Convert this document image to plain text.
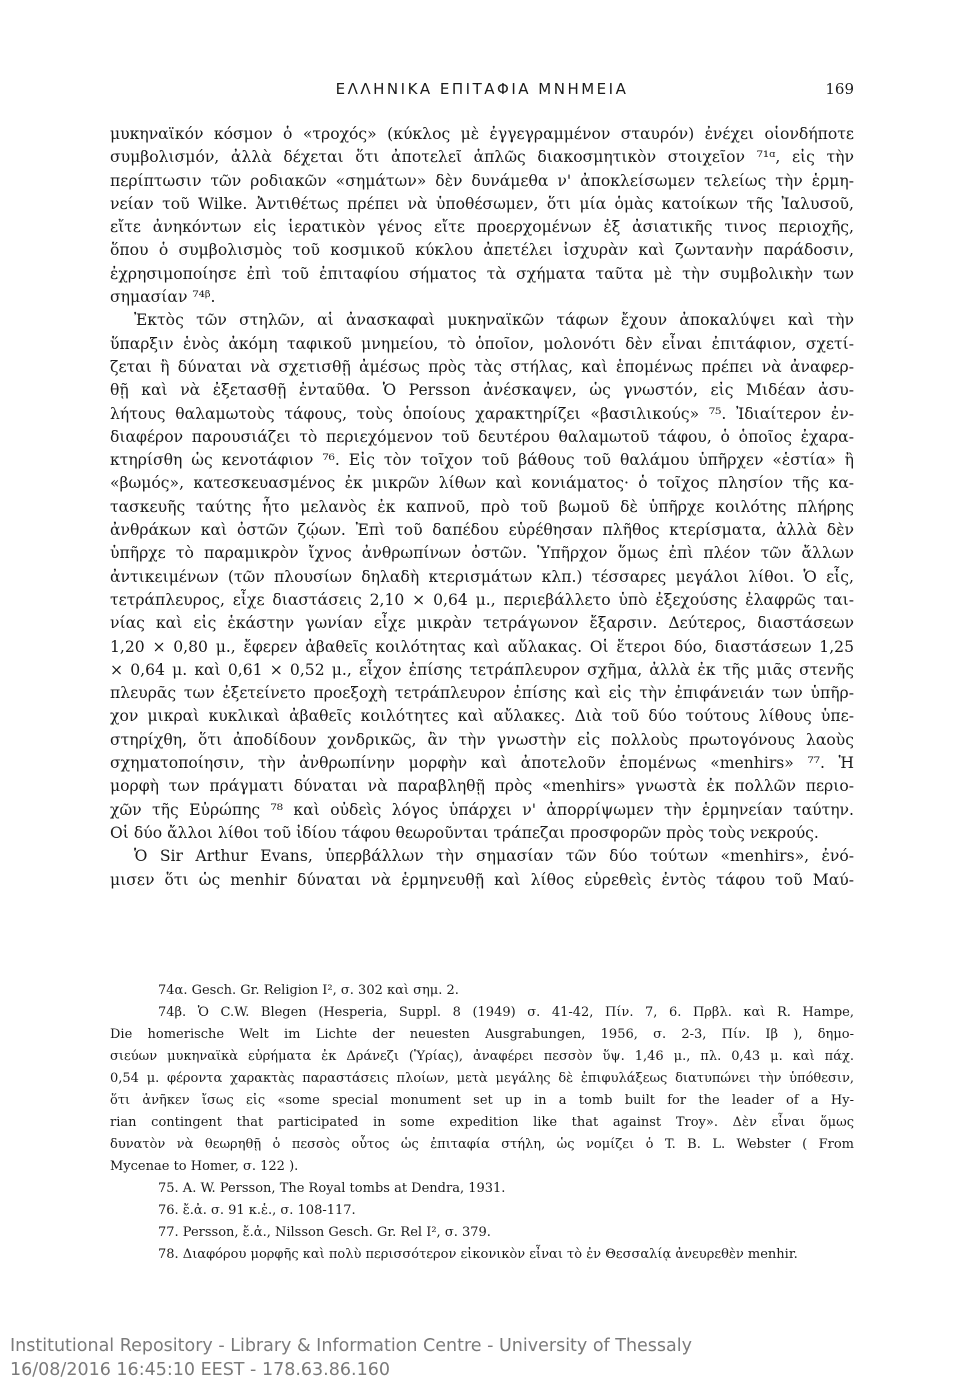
ΕΛΛΗΝΙΚΑ ΕΠΙΤΑΦΙΑ ΜΝΗΜΕΙΑ	169
μυκηναϊκόν κόσμον ὁ «τροχός» (κύκλος μὲ ἐγγεγραμμένον σταυρόν) ἐνέχει οἱονδήποτε
συμβολισμόν, ἀλλὰ δέχεται ὅτι ἀποτελεῖ ἁπλῶς διακοσμητικὸν στοιχεῖον ⁷¹ᵅ, εἰς τὴν
περίπτωσιν τῶν ροδιακῶν «σημάτων» δὲν δυνάμεθα ν' ἀποκλείσωμεν τελείως τὴν ἑρμη-
νείαν τοῦ Wilke. Ἀντιθέτως πρέπει νὰ ὑποθέσωμεν, ὅτι μία ὁμὰς κατοίκων τῆς Ἰαλυσοῦ,
εἴτε ἀνηκόντων εἰς ἱερατικὸν γένος εἴτε προερχομένων ἐξ ἀσιατικῆς τινος περιοχῆς,
ὅπου ὁ συμβολισμὸς τοῦ κοσμικοῦ κύκλου ἀπετέλει ἰσχυρὰν καὶ ζωντανὴν παράδοσιν,
ἐχρησιμοποίησε ἐπὶ τοῦ ἐπιταφίου σήματος τὰ σχήματα ταῦτα μὲ τὴν συμβολικὴν των
σημασίαν ⁷⁴ᵝ.
Ἐκτὸς τῶν στηλῶν, αἱ ἀνασκαφαὶ μυκηναϊκῶν τάφων ἔχουν ἀποκαλύψει καὶ τὴν
ὕπαρξιν ἑνὸς ἀκόμη ταφικοῦ μνημείου, τὸ ὁποῖον, μολονότι δὲν εἶναι ἐπιτάφιον, σχετί-
ζεται ἢ δύναται νὰ σχετισθῇ ἀμέσως πρὸς τὰς στήλας, καὶ ἑπομένως πρέπει νὰ ἀναφερ-
θῇ καὶ νὰ ἐξετασθῇ ἐνταῦθα. Ὁ Persson ἀνέσκαψεν, ὡς γνωστόν, εἰς Μιδέαν ἀσυ-
λήτους θαλαμωτοὺς τάφους, τοὺς ὁποίους χαρακτηρίζει «βασιλικούς» ⁷⁵. Ἰδιαίτερον ἐν-
διαφέρον παρουσιάζει τὸ περιεχόμενον τοῦ δευτέρου θαλαμωτοῦ τάφου, ὁ ὁποῖος ἐχαρα-
κτηρίσθη ὡς κενοτάφιον ⁷⁶. Εἰς τὸν τοῖχον τοῦ βάθους τοῦ θαλάμου ὑπῆρχεν «ἑστία» ἢ
«βωμός», κατεσκευασμένος ἐκ μικρῶν λίθων καὶ κονιάματος· ὁ τοῖχος πλησίον τῆς κα-
τασκευῆς ταύτης ἦτο μελανὸς ἐκ καπνοῦ, πρὸ τοῦ βωμοῦ δὲ ὑπῆρχε κοιλότης πλήρης
ἀνθράκων καὶ ὀστῶν ζῴων. Ἐπὶ τοῦ δαπέδου εὑρέθησαν πλῆθος κτερίσματα, ἀλλὰ δὲν
ὑπῆρχε τὸ παραμικρὸν ἴχνος ἀνθρωπίνων ὀστῶν. Ὑπῆρχον ὅμως ἐπὶ πλέον τῶν ἄλλων
ἀντικειμένων (τῶν πλουσίων δηλαδὴ κτερισμάτων κλπ.) τέσσαρες μεγάλοι λίθοι. Ὁ εἷς,
τετράπλευρος, εἶχε διαστάσεις 2,10 × 0,64 μ., περιεβάλλετο ὑπὸ ἐξεχούσης ἐλαφρῶς ται-
νίας καὶ εἰς ἑκάστην γωνίαν εἶχε μικρὰν τετράγωνον ἔξαρσιν. Δεύτερος, διαστάσεων
1,20 × 0,80 μ., ἔφερεν ἀβαθεῖς κοιλότητας καὶ αὔλακας. Οἱ ἕτεροι δύο, διαστάσεων 1,25
× 0,64 μ. καὶ 0,61 × 0,52 μ., εἶχον ἐπίσης τετράπλευρον σχῆμα, ἀλλὰ ἐκ τῆς μιᾶς στενῆς
πλευρᾶς των ἐξετείνετο προεξοχὴ τετράπλευρον ἐπίσης καὶ εἰς τὴν ἐπιφάνειάν των ὑπῆρ-
χον μικραὶ κυκλικαὶ ἀβαθεῖς κοιλότητες καὶ αὔλακες. Διὰ τοῦ δύο τούτους λίθους ὑπε-
στηρίχθη, ὅτι ἀποδίδουν χονδρικῶς, ἂν τὴν γνωστὴν εἰς πολλοὺς πρωτογόνους λαοὺς
σχηματοποίησιν, τὴν ἀνθρωπίνην μορφὴν καὶ ἀποτελοῦν ἑπομένως «menhirs» ⁷⁷. Ἡ
μορφὴ των πράγματι δύναται νὰ παραβληθῇ πρὸς «menhirs» γνωστὰ ἐκ πολλῶν περιο-
χῶν τῆς Εὐρώπης ⁷⁸ καὶ οὐδεὶς λόγος ὑπάρχει ν' ἀπορρίψωμεν τὴν ἑρμηνείαν ταύτην.
Οἱ δύο ἄλλοι λίθοι τοῦ ἰδίου τάφου θεωροῦνται τράπεζαι προσφορῶν πρὸς τοὺς νεκρούς.
Ὁ Sir Arthur Evans, ὑπερβάλλων τὴν σημασίαν τῶν δύο τούτων «menhirs», ἐνό-
μισεν ὅτι ὡς menhir δύναται νὰ ἑρμηνευθῇ καὶ λίθος εὑρεθεὶς ἐντὸς τάφου τοῦ Μαύ-
74α. Gesch. Gr. Religion I², σ. 302 καὶ σημ. 2.
74β. Ὁ C.W. Blegen (Hesperia, Suppl. 8 (1949) σ. 41-42, Πίν. 7, 6. Πρβλ. καὶ R. Hampe,
Die homerische Welt im Lichte der neuesten Ausgrabungen, 1956, σ. 2-3, Πίν. Ιβ ), δημο-
σιεύων μυκηναϊκὰ εὑρήματα ἐκ Δράνεζι (Ὑρίας), ἀναφέρει πεσσὸν ὕψ. 1,46 μ., πλ. 0,43 μ. καὶ πάχ.
0,54 μ. φέροντα χαρακτὰς παραστάσεις πλοίων, μετὰ μεγάλης δὲ ἐπιφυλάξεως διατυπώνει τὴν ὑπόθεσιν,
ὅτι ἀνῆκεν ἴσως εἰς «some special monument set up in a tomb built for the leader of a Hy-
rian contingent that participated in some expedition like that against Troy». Δὲν εἶναι ὅμως
δυνατὸν νὰ θεωρηθῇ ὁ πεσσὸς οὗτος ὡς ἐπιταφία στήλη, ὡς νομίζει ὁ T. B. L. Webster ( From
Mycenae to Homer, σ. 122 ).
75. A. W. Persson, The Royal tombs at Dendra, 1931.
76. ἔ.ἀ. σ. 91 κ.ἑ., σ. 108-117.
77. Persson, ἔ.ἀ., Nilsson Gesch. Gr. Rel I², σ. 379.
78. Διαφόρου μορφῆς καὶ πολὺ περισσότερον εἰκονικὸν εἶναι τὸ ἐν Θεσσαλίᾳ ἀνευρεθὲν menhir.
Institutional Repository - Library & Information Centre - University of Thessaly
16/08/2016 16:45:10 EEST - 178.63.86.160
